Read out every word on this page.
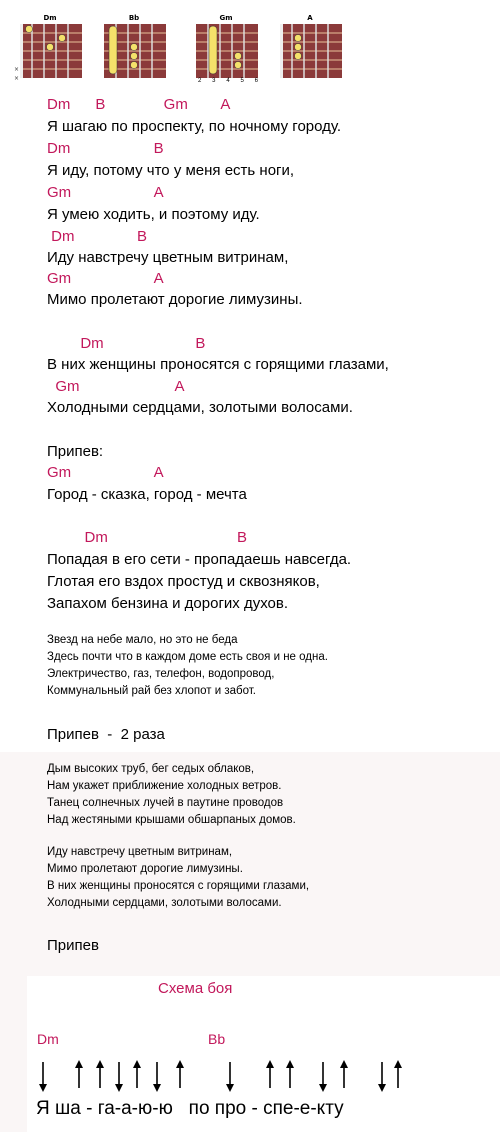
Dm
×
×
Bb	Gm
2 3 4 5 6
A
Dm      B              Gm        A
Я шагаю по проспекту, по ночному городу.
Dm                    B
Я иду, потому что у меня есть ноги,
Gm                    A
Я умею ходить, и поэтому иду.
Dm               B
Иду навстречу цветным витринам,
Gm                    A
Мимо пролетают дорогие лимузины.
Dm                      B
В них женщины проносятся с горящими глазами,
Gm                       A
Холодными сердцами, золотыми волосами.
Припев:
Gm                    A
Город - сказка, город - мечта
Dm                               B
Попадая в его сети - пропадаешь навсегда.
Глотая его вздох простуд и сквозняков,
Запахом бензина и дорогих духов.
Звезд на небе мало, но это не беда
Здесь почти что в каждом доме есть своя и не одна.
Электричество, газ, телефон, водопровод,
Коммунальный рай без хлопот и забот.
Припев  -  2 раза
Дым высоких труб, бег седых облаков,
Нам укажет приближение холодных ветров.
Танец солнечных лучей в паутине проводов
Над жестяными крышами обшарпаных домов.
Иду навстречу цветным витринам,
Мимо пролетают дорогие лимузины.
В них женщины проносятся с горящими глазами,
Холодными сердцами, золотыми волосами.
Припев
Схема боя
Dm	Bb
Я ша - га-а-ю-ю   по про - спе-е-кту
